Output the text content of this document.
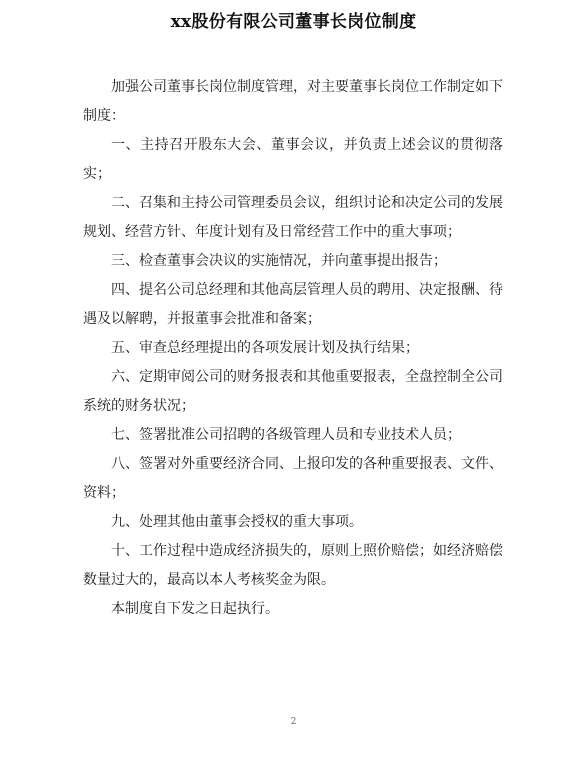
xx股份有限公司董事长岗位制度

加强公司董事长岗位制度管理，对主要董事长岗位工作制定如下制度：

一、主持召开股东大会、董事会议，并负责上述会议的贯彻落实；

二、召集和主持公司管理委员会议，组织讨论和决定公司的发展规划、经营方针、年度计划有及日常经营工作中的重大事项；

三、检查董事会决议的实施情况，并向董事提出报告；

四、提名公司总经理和其他高层管理人员的聘用、决定报酬、待遇及以解聘，并报董事会批准和备案；

五、审查总经理提出的各项发展计划及执行结果；

六、定期审阅公司的财务报表和其他重要报表，全盘控制全公司系统的财务状况；

七、签署批准公司招聘的各级管理人员和专业技术人员；

八、签署对外重要经济合同、上报印发的各种重要报表、文件、资料；

九、处理其他由董事会授权的重大事项。

十、工作过程中造成经济损失的，原则上照价赔偿；如经济赔偿数量过大的，最高以本人考核奖金为限。

本制度自下发之日起执行。

2
